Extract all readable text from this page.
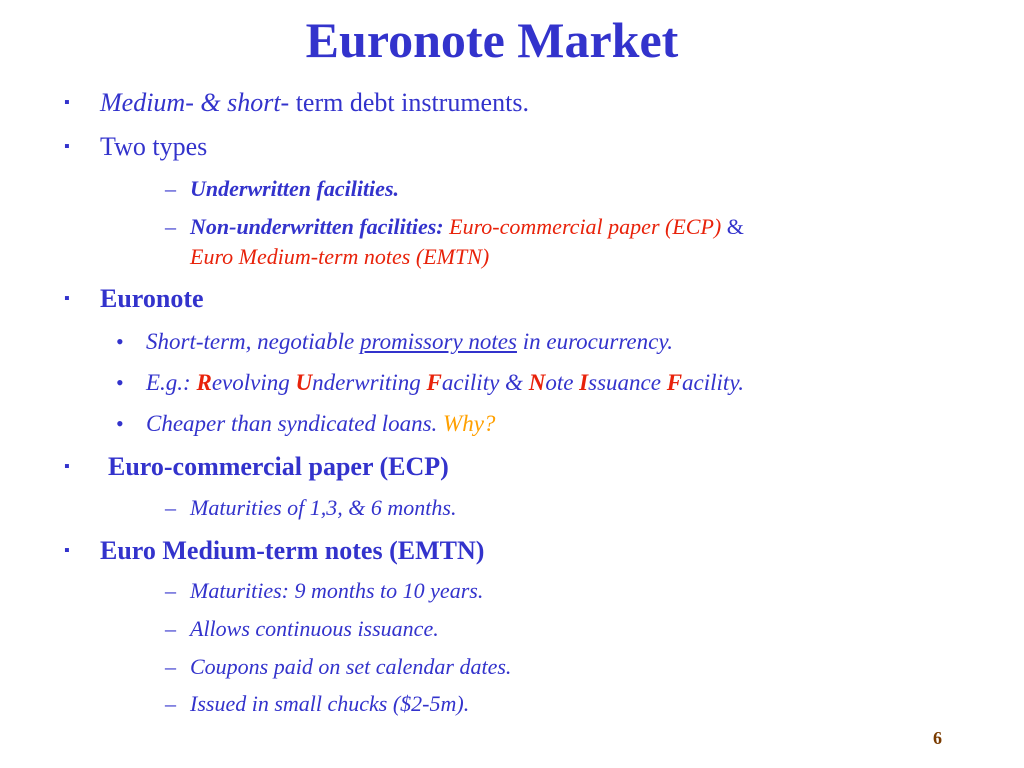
Euronote Market
▪ Medium- & short- term debt instruments.
▪ Two types
– Underwritten facilities.
– Non-underwritten facilities: Euro-commercial paper (ECP) &
Euro Medium-term notes (EMTN)
▪ Euronote
• Short-term, negotiable promissory notes in eurocurrency.
• E.g.: Revolving Underwriting Facility & Note Issuance Facility.
• Cheaper than syndicated loans. Why?
▪ Euro-commercial paper (ECP)
– Maturities of 1,3, & 6 months.
▪ Euro Medium-term notes (EMTN)
– Maturities: 9 months to 10 years.
– Allows continuous issuance.
– Coupons paid on set calendar dates.
– Issued in small chucks ($2-5m).
6
